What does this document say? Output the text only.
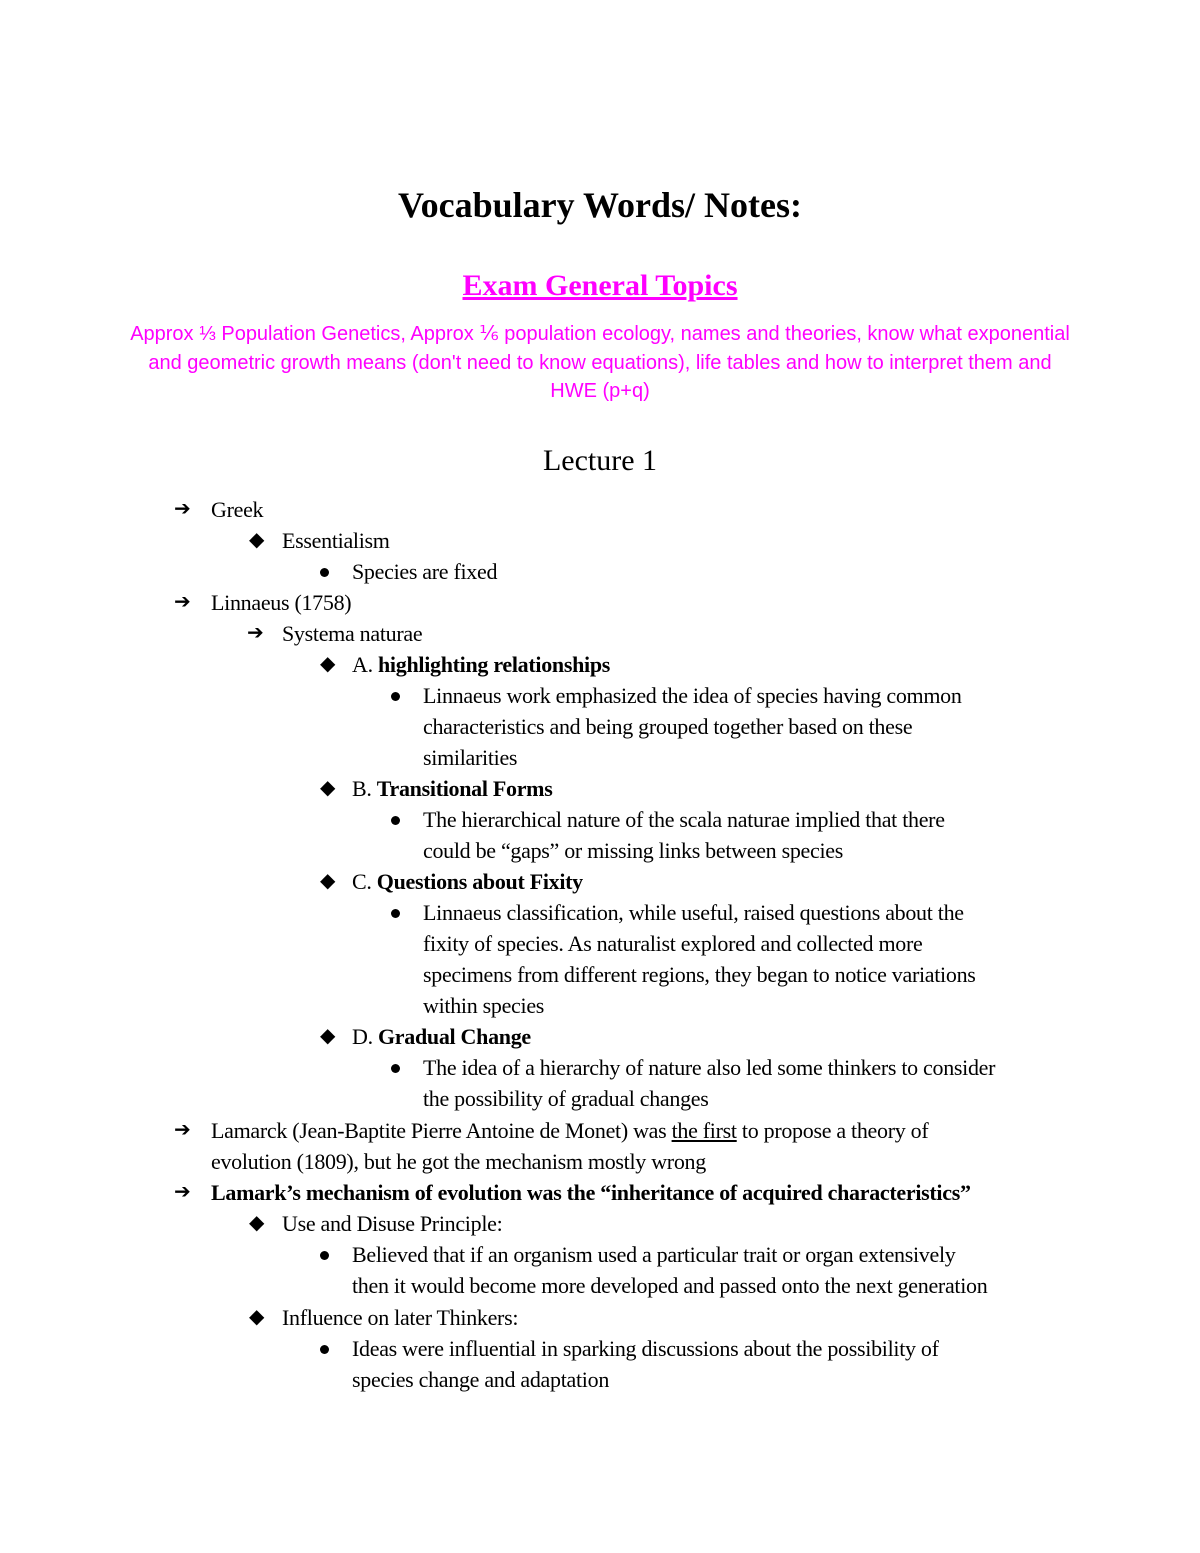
Vocabulary Words/ Notes:
Exam General Topics
Approx ⅓ Population Genetics, Approx ⅙ population ecology, names and theories, know what exponential and geometric growth means (don't need to know equations), life tables and how to interpret them and HWE (p+q)
Lecture 1
➔ Greek
◆ Essentialism
Species are fixed
➔ Linnaeus (1758)
➔ Systema naturae
◆ A. highlighting relationships
Linnaeus work emphasized the idea of species having common
characteristics and being grouped together based on these
similarities
◆ B. Transitional Forms
The hierarchical nature of the scala naturae implied that there
could be “gaps” or missing links between species
◆ C. Questions about Fixity
Linnaeus classification, while useful, raised questions about the
fixity of species. As naturalist explored and collected more
specimens from different regions, they began to notice variations
within species
◆ D. Gradual Change
The idea of a hierarchy of nature also led some thinkers to consider
the possibility of gradual changes
➔ Lamarck (Jean-Baptite Pierre Antoine de Monet) was the first to propose a theory of
evolution (1809), but he got the mechanism mostly wrong
➔ Lamark’s mechanism of evolution was the “inheritance of acquired characteristics”
◆ Use and Disuse Principle:
Believed that if an organism used a particular trait or organ extensively
then it would become more developed and passed onto the next generation
◆ Influence on later Thinkers:
Ideas were influential in sparking discussions about the possibility of
species change and adaptation
